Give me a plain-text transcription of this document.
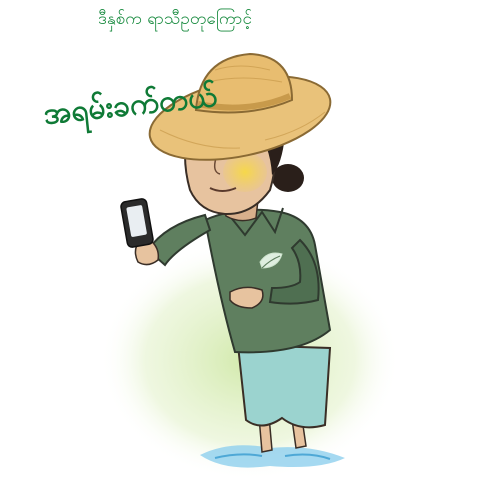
ဒီနှစ်က ရာသီဥတုကြောင့်
အရမ်းခက်တယ်
